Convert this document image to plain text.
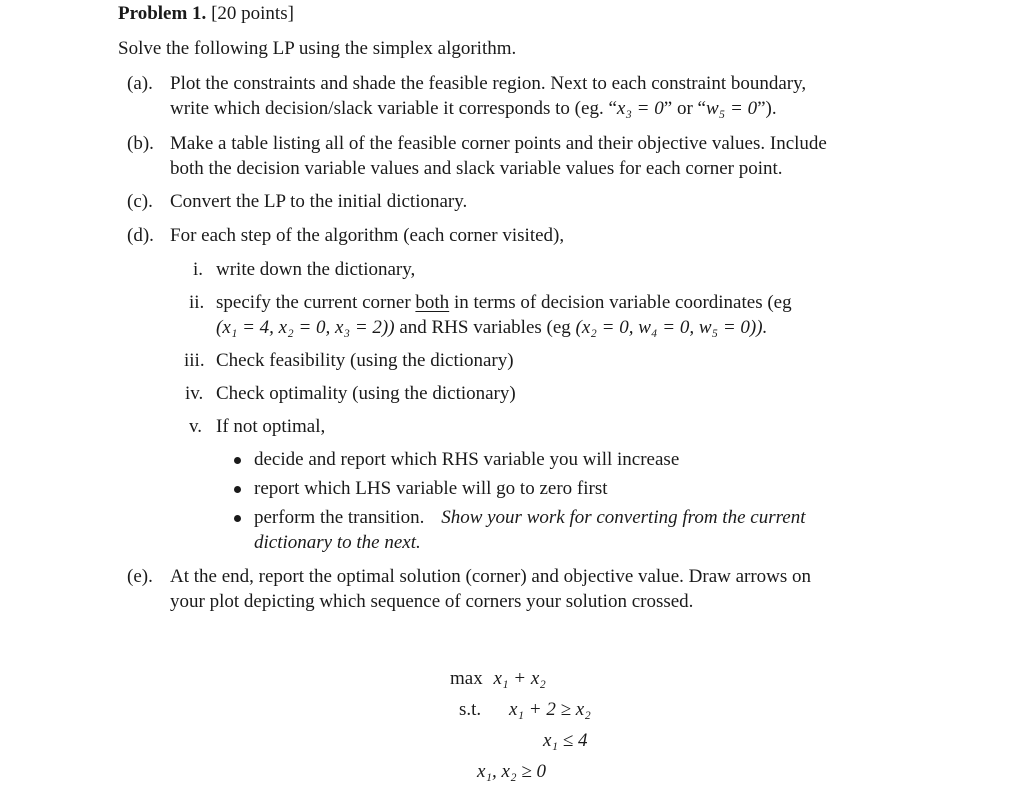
Problem 1. [20 points]
Solve the following LP using the simplex algorithm.
(a). Plot the constraints and shade the feasible region. Next to each constraint boundary,
write which decision/slack variable it corresponds to (eg. “x₃ = 0” or “w₅ = 0”).
(b). Make a table listing all of the feasible corner points and their objective values. Include
both the decision variable values and slack variable values for each corner point.
(c). Convert the LP to the initial dictionary.
(d). For each step of the algorithm (each corner visited),
i. write down the dictionary,
ii. specify the current corner both in terms of decision variable coordinates (eg
(x₁ = 4, x₂ = 0, x₃ = 2)) and RHS variables (eg (x₂ = 0, w₄ = 0, w₅ = 0)).
iii. Check feasibility (using the dictionary)
iv. Check optimality (using the dictionary)
v. If not optimal,
decide and report which RHS variable you will increase
report which LHS variable will go to zero first
perform the transition. Show your work for converting from the current
dictionary to the next.
(e). At the end, report the optimal solution (corner) and objective value. Draw arrows on
your plot depicting which sequence of corners your solution crossed.
max x₁ + x₂
s.t. x₁ + 2 ≥ x₂
x₁ ≤ 4
x₁, x₂ ≥ 0
